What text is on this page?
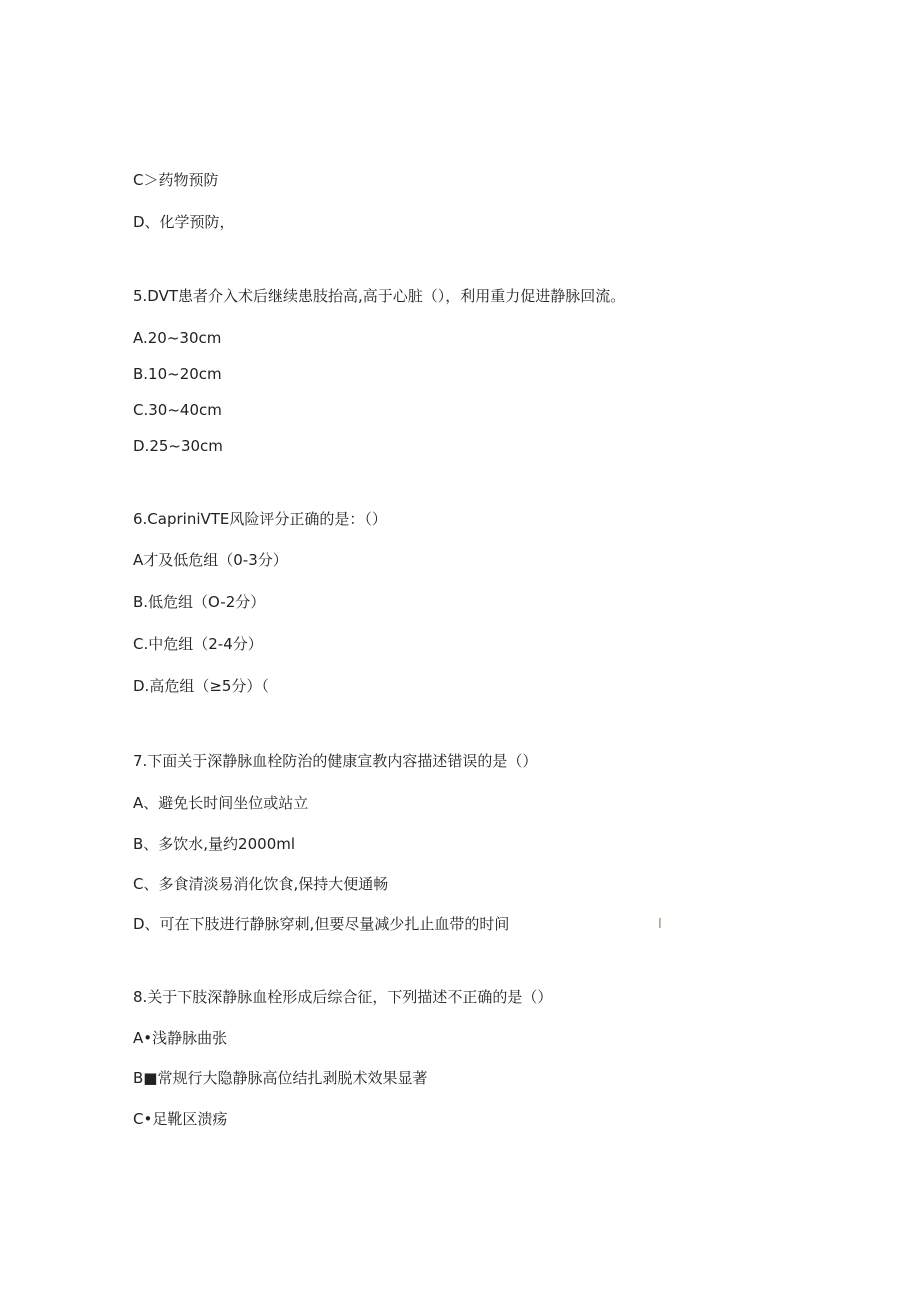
C＞药物预防
D、化学预防，
5.DVT患者介入术后继续患肢抬高,高于心脏（），利用重力促进静脉回流。
A.20~30cm
B.10~20cm
C.30~40cm
D.25~30cm
6.CapriniVTE风险评分正确的是：（）
A才及低危组（0-3分）
B.低危组（O-2分）
C.中危组（2-4分）
D.高危组（≥5分）（
7.下面关于深静脉血栓防治的健康宣教内容描述错误的是（）
A、避免长时间坐位或站立
B、多饮水,量约2000ml
C、多食清淡易消化饮食,保持大便通畅
D、可在下肢进行静脉穿刺,但要尽量减少扎止血带的时间	I
8.关于下肢深静脉血栓形成后综合征，下列描述不正确的是（）
A•浅静脉曲张
B■常规行大隐静脉高位结扎剥脱术效果显著
C•足靴区溃疡
